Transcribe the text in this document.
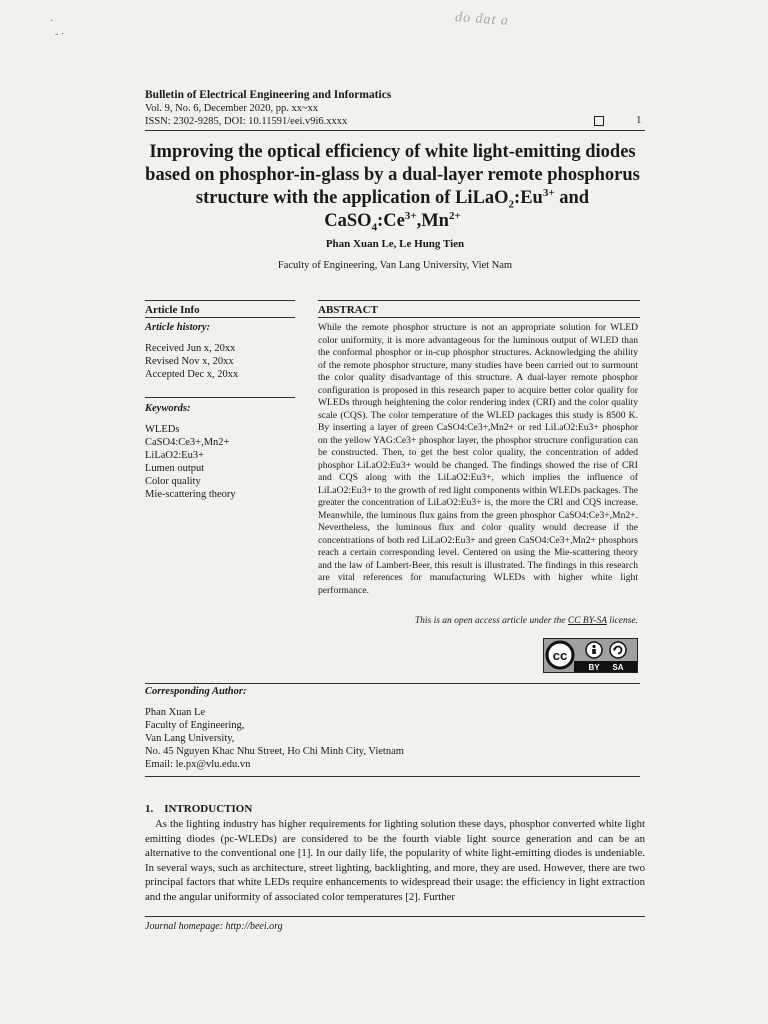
do dat a
·
- ·
Bulletin of Electrical Engineering and Informatics
Vol. 9, No. 6, December 2020, pp. xx~xx
ISSN: 2302-9285, DOI: 10.11591/eei.v9i6.xxxx	1
Improving the optical efficiency of white light-emitting diodes
based on phosphor-in-glass by a dual-layer remote phosphorus
structure with the application of $LiLaO_2:Eu^{3+}$ and
$CaSO_4:Ce^{3+},Mn^{2+}$
Phan Xuan Le, Le Hung Tien
Faculty of Engineering, Van Lang University, Viet Nam
Article Info
Article history:
Received Jun x, 20xx
Revised Nov x, 20xx
Accepted Dec x, 20xx
Keywords:
WLEDs
CaSO4:Ce3+,Mn2+
LiLaO2:Eu3+
Lumen output
Color quality
Mie-scattering theory
ABSTRACT
While the remote phosphor structure is not an appropriate solution for WLED color uniformity, it is more advantageous for the luminous output of WLED than the conformal phosphor or in-cup phosphor structures. Acknowledging the ability of the remote phosphor structure, many studies have been carried out to surmount the color quality disadvantage of this structure. A dual-layer remote phosphor configuration is proposed in this research paper to acquire better color quality for WLEDs through heightening the color rendering index (CRI) and the color quality scale (CQS). The color temperature of the WLED packages this study is 8500 K. By inserting a layer of green CaSO4:Ce3+,Mn2+ or red LiLaO2:Eu3+ phosphor on the yellow YAG:Ce3+ phosphor layer, the phosphor structure configuration can be constructed. Then, to get the best color quality, the concentration of added phosphor LiLaO2:Eu3+ would be changed. The findings showed the rise of CRI and CQS along with the LiLaO2:Eu3+, which implies the influence of LiLaO2:Eu3+ to the growth of red light components within WLEDs packages. The greater the concentration of LiLaO2:Eu3+ is, the more the CRI and CQS increase. Meanwhile, the luminous flux gains from the green phosphor CaSO4:Ce3+,Mn2+. Nevertheless, the luminous flux and color quality would decrease if the concentrations of both red LiLaO2:Eu3+ and green CaSO4:Ce3+,Mn2+ phosphors reach a certain corresponding level. Centered on using the Mie-scattering theory and the law of Lambert-Beer, this result is illustrated. The findings in this research are vital references for manufacturing WLEDs with higher white light performance.
This is an open access article under the CC BY-SA license.
cc
BY SA
Corresponding Author:
Phan Xuan Le
Faculty of Engineering,
Van Lang University,
No. 45 Nguyen Khac Nhu Street, Ho Chi Minh City, Vietnam
Email: le.px@vlu.edu.vn
1.    INTRODUCTION

As the lighting industry has higher requirements for lighting solution these days, phosphor converted white light emitting diodes (pc-WLEDs) are considered to be the fourth viable light source generation and can be an alternative to the conventional one [1]. In our daily life, the popularity of white light-emitting diodes is undeniable. In several ways, such as architecture, street lighting, backlighting, and more, they are used. However, there are two principal factors that white LEDs require enhancements to widespread their usage: the efficiency in light extraction and the angular uniformity of associated color temperatures [2]. Further

Journal homepage: http://beei.org
